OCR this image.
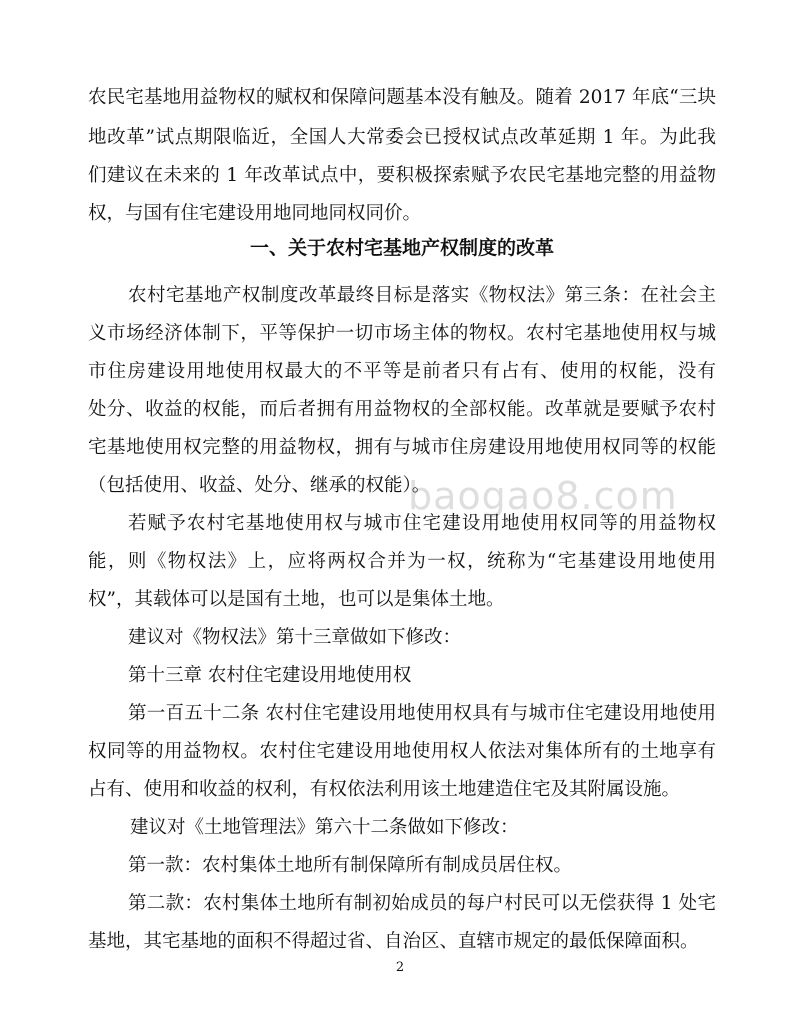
baogao8.com
农民宅基地用益物权的赋权和保障问题基本没有触及。随着 2017 年底“三块
地改革”试点期限临近，全国人大常委会已授权试点改革延期 1 年。为此我
们建议在未来的 1 年改革试点中，要积极探索赋予农民宅基地完整的用益物
权，与国有住宅建设用地同地同权同价。
一、关于农村宅基地产权制度的改革
农村宅基地产权制度改革最终目标是落实《物权法》第三条：在社会主
义市场经济体制下，平等保护一切市场主体的物权。农村宅基地使用权与城
市住房建设用地使用权最大的不平等是前者只有占有、使用的权能，没有
处分、收益的权能，而后者拥有用益物权的全部权能。改革就是要赋予农村
宅基地使用权完整的用益物权，拥有与城市住房建设用地使用权同等的权能
（包括使用、收益、处分、继承的权能）。
若赋予农村宅基地使用权与城市住宅建设用地使用权同等的用益物权
能，则《物权法》上，应将两权合并为一权，统称为“宅基建设用地使用
权”，其载体可以是国有土地，也可以是集体土地。
建议对《物权法》第十三章做如下修改：
第十三章 农村住宅建设用地使用权
第一百五十二条 农村住宅建设用地使用权具有与城市住宅建设用地使用
权同等的用益物权。农村住宅建设用地使用权人依法对集体所有的土地享有
占有、使用和收益的权利，有权依法利用该土地建造住宅及其附属设施。
建议对《土地管理法》第六十二条做如下修改：
第一款：农村集体土地所有制保障所有制成员居住权。
第二款：农村集体土地所有制初始成员的每户村民可以无偿获得 1 处宅
基地，其宅基地的面积不得超过省、自治区、直辖市规定的最低保障面积。
2
